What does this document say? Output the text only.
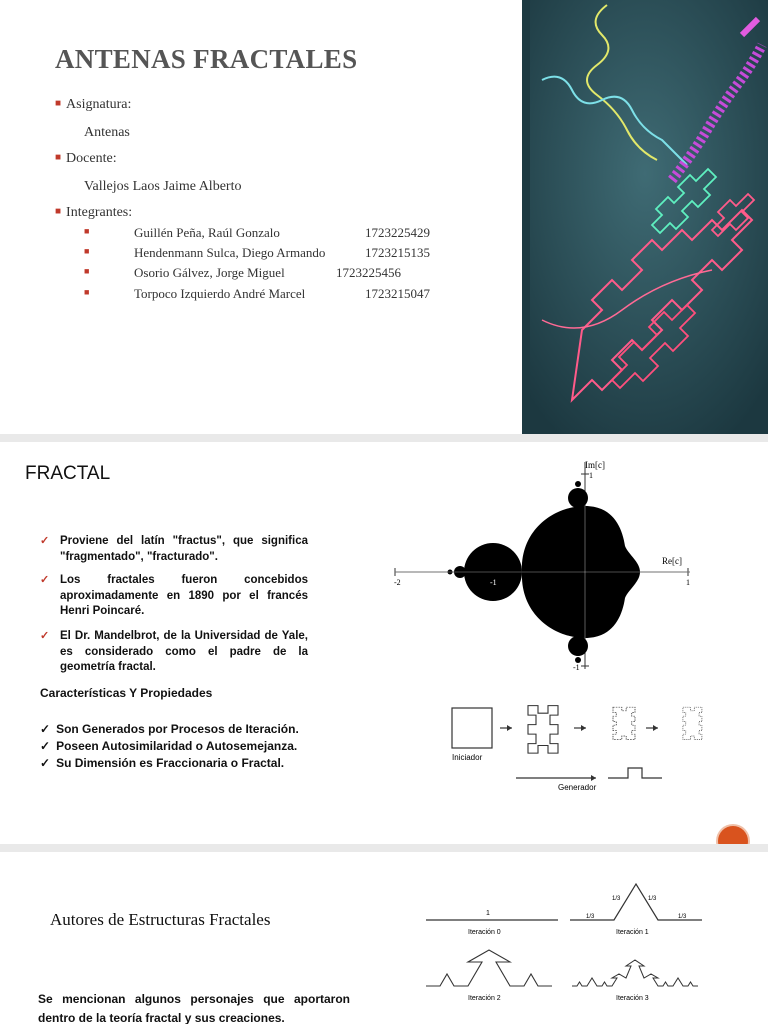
ANTENAS FRACTALES
■ Asignatura:
Antenas
■ Docente:
Vallejos Laos Jaime Alberto
■ Integrantes:
■	Guillén Peña, Raúl Gonzalo	1723225429
■	Hendenmann Sulca, Diego Armando	1723215135
■	Osorio Gálvez, Jorge Miguel	1723225456
■	Torpoco Izquierdo André Marcel	1723215047
FRACTAL
✓ Proviene del latín "fractus", que significa "fragmentado", "fracturado".
✓ Los fractales fueron concebidos aproximadamente en 1890 por el francés Henri Poincaré.
✓ El Dr. Mandelbrot, de la Universidad de Yale, es considerado como el padre de la geometría fractal.
Características Y Propiedades
✓ Son Generados por Procesos de Iteración.
✓ Poseen Autosimilaridad o Autosemejanza.
✓ Su Dimensión es Fraccionaria o Fractal.
Im[c]
1
Re[c]
-2	-1	1
-1
Iniciador
Generador
Autores de Estructuras Fractales
Se mencionan algunos personajes que aportaron dentro de la teoría fractal y sus creaciones.
1
Iteración 0
1/3
1/3	1/3
1/3
Iteración 1
Iteración 2	Iteración 3
